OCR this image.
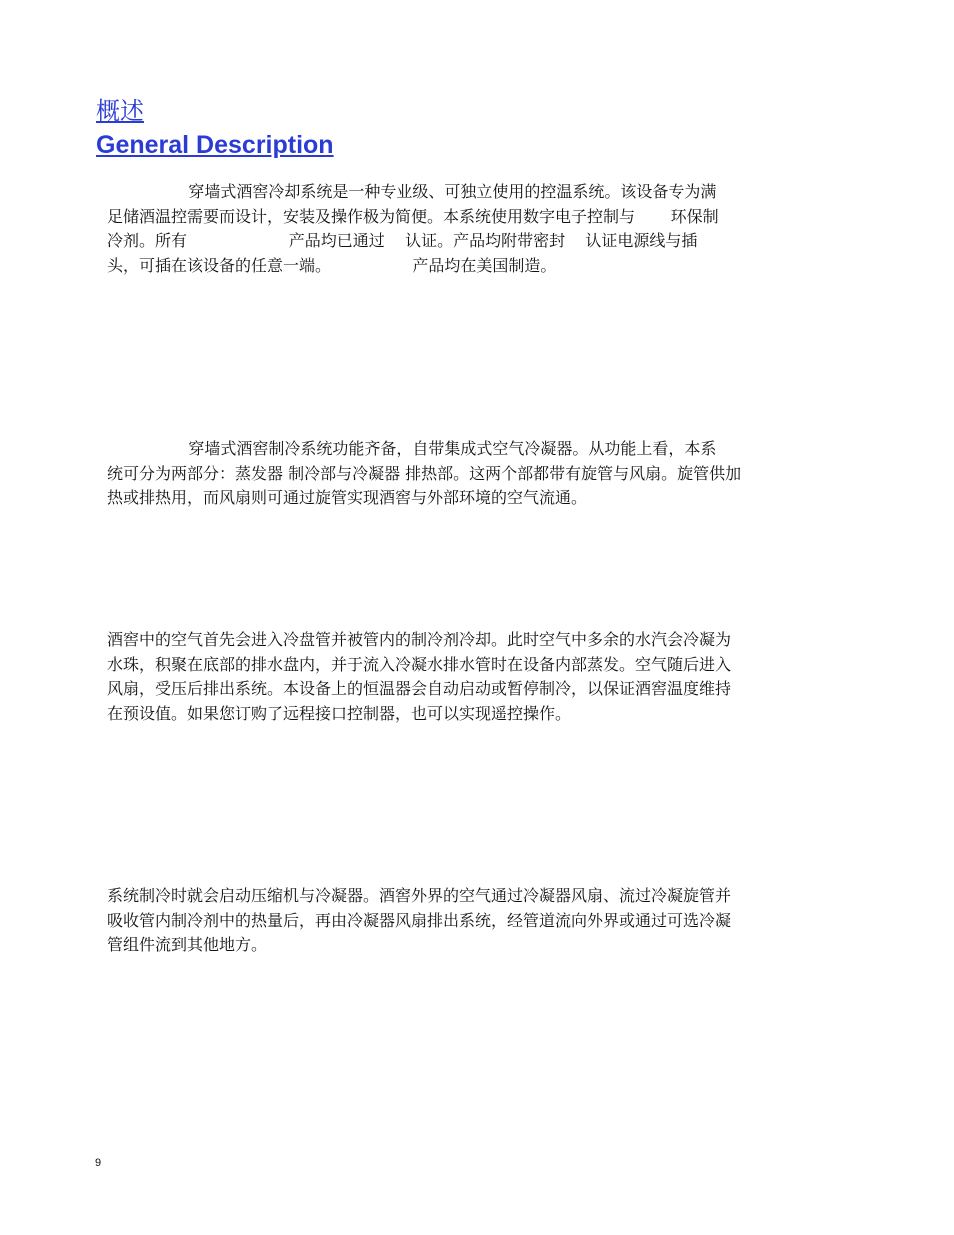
概述
General Description
穿墙式酒窖冷却系统是一种专业级、可独立使用的控温系统。该设备专为满
足储酒温控需要而设计，安装及操作极为简便。本系统使用数字电子控制与       环保制
冷剂。所有                    产品均已通过    认证。产品均附带密封    认证电源线与插
头，可插在该设备的任意一端。                产品均在美国制造。
穿墙式酒窖制冷系统功能齐备，自带集成式空气冷凝器。从功能上看，本系
统可分为两部分：蒸发器 制冷部与冷凝器 排热部。这两个部都带有旋管与风扇。旋管供加
热或排热用，而风扇则可通过旋管实现酒窖与外部环境的空气流通。
酒窖中的空气首先会进入冷盘管并被管内的制冷剂冷却。此时空气中多余的水汽会冷凝为
水珠，积聚在底部的排水盘内，并于流入冷凝水排水管时在设备内部蒸发。空气随后进入
风扇，受压后排出系统。本设备上的恒温器会自动启动或暂停制冷，以保证酒窖温度维持
在预设值。如果您订购了远程接口控制器，也可以实现遥控操作。
系统制冷时就会启动压缩机与冷凝器。酒窖外界的空气通过冷凝器风扇、流过冷凝旋管并
吸收管内制冷剂中的热量后，再由冷凝器风扇排出系统，经管道流向外界或通过可选冷凝
管组件流到其他地方。

9
